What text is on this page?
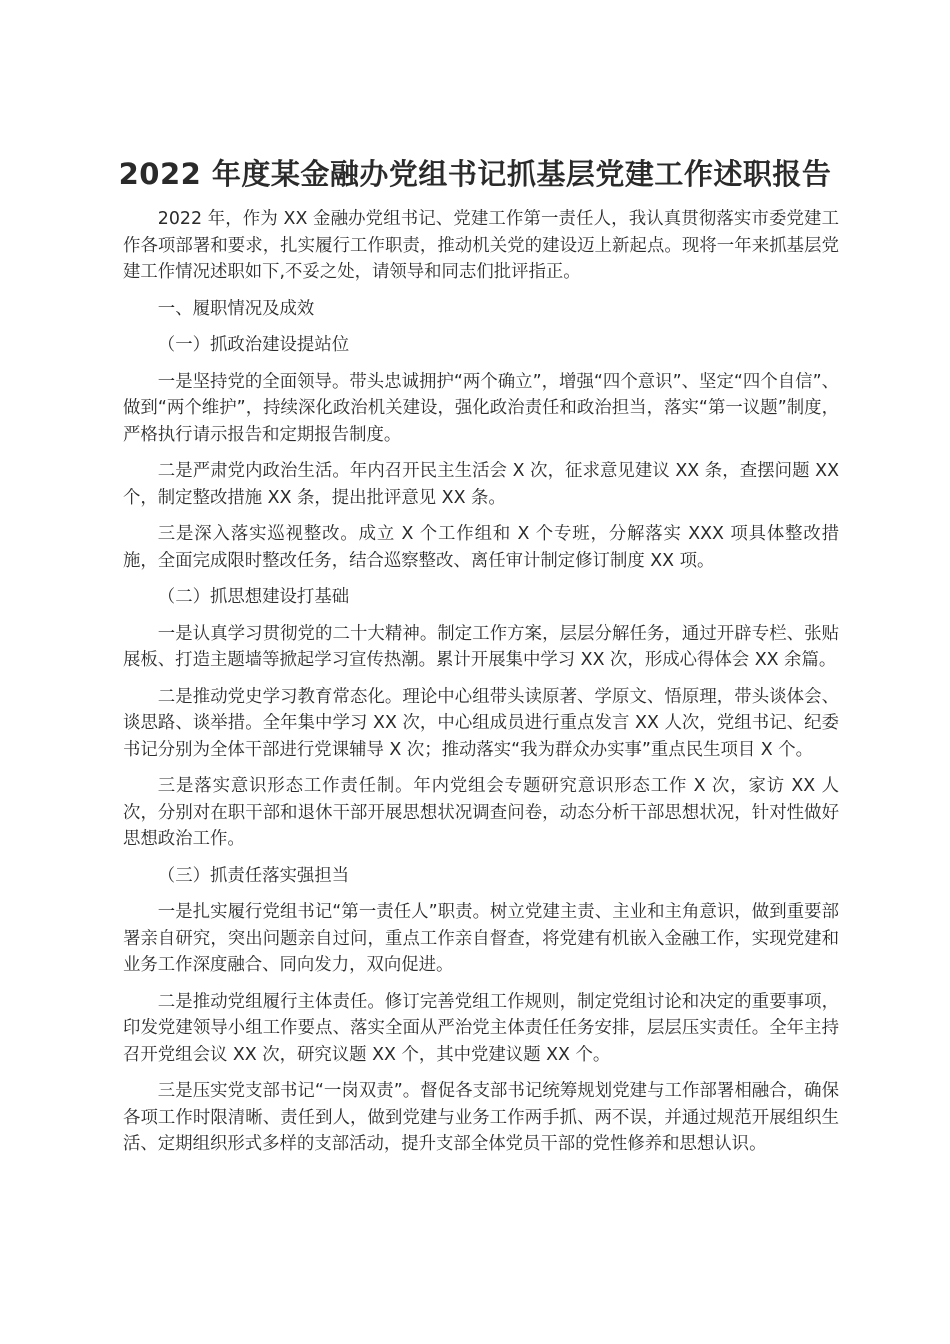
2022 年度某金融办党组书记抓基层党建工作述职报告

2022 年，作为 XX 金融办党组书记、党建工作第一责任人，我认真贯彻落实市委党建工作各项部署和要求，扎实履行工作职责，推动机关党的建设迈上新起点。现将一年来抓基层党建工作情况述职如下,不妥之处，请领导和同志们批评指正。

一、履职情况及成效

（一）抓政治建设提站位

一是坚持党的全面领导。带头忠诚拥护“两个确立”，增强“四个意识”、坚定“四个自信”、做到“两个维护”，持续深化政治机关建设，强化政治责任和政治担当，落实“第一议题”制度，严格执行请示报告和定期报告制度。

二是严肃党内政治生活。年内召开民主生活会 X 次，征求意见建议 XX 条，查摆问题 XX 个，制定整改措施 XX 条，提出批评意见 XX 条。

三是深入落实巡视整改。成立 X 个工作组和 X 个专班，分解落实 XXX 项具体整改措施，全面完成限时整改任务，结合巡察整改、离任审计制定修订制度 XX 项。

（二）抓思想建设打基础

一是认真学习贯彻党的二十大精神。制定工作方案，层层分解任务，通过开辟专栏、张贴展板、打造主题墙等掀起学习宣传热潮。累计开展集中学习 XX 次，形成心得体会 XX 余篇。

二是推动党史学习教育常态化。理论中心组带头读原著、学原文、悟原理，带头谈体会、谈思路、谈举措。全年集中学习 XX 次，中心组成员进行重点发言 XX 人次，党组书记、纪委书记分别为全体干部进行党课辅导 X 次；推动落实“我为群众办实事”重点民生项目 X 个。

三是落实意识形态工作责任制。年内党组会专题研究意识形态工作 X 次，家访 XX 人次，分别对在职干部和退休干部开展思想状况调查问卷，动态分析干部思想状况，针对性做好思想政治工作。

（三）抓责任落实强担当

一是扎实履行党组书记“第一责任人”职责。树立党建主责、主业和主角意识，做到重要部署亲自研究，突出问题亲自过问，重点工作亲自督查，将党建有机嵌入金融工作，实现党建和业务工作深度融合、同向发力，双向促进。

二是推动党组履行主体责任。修订完善党组工作规则，制定党组讨论和决定的重要事项，印发党建领导小组工作要点、落实全面从严治党主体责任任务安排，层层压实责任。全年主持召开党组会议 XX 次，研究议题 XX 个，其中党建议题 XX 个。

三是压实党支部书记“一岗双责”。督促各支部书记统筹规划党建与工作部署相融合，确保各项工作时限清晰、责任到人，做到党建与业务工作两手抓、两不误，并通过规范开展组织生活、定期组织形式多样的支部活动，提升支部全体党员干部的党性修养和思想认识。
